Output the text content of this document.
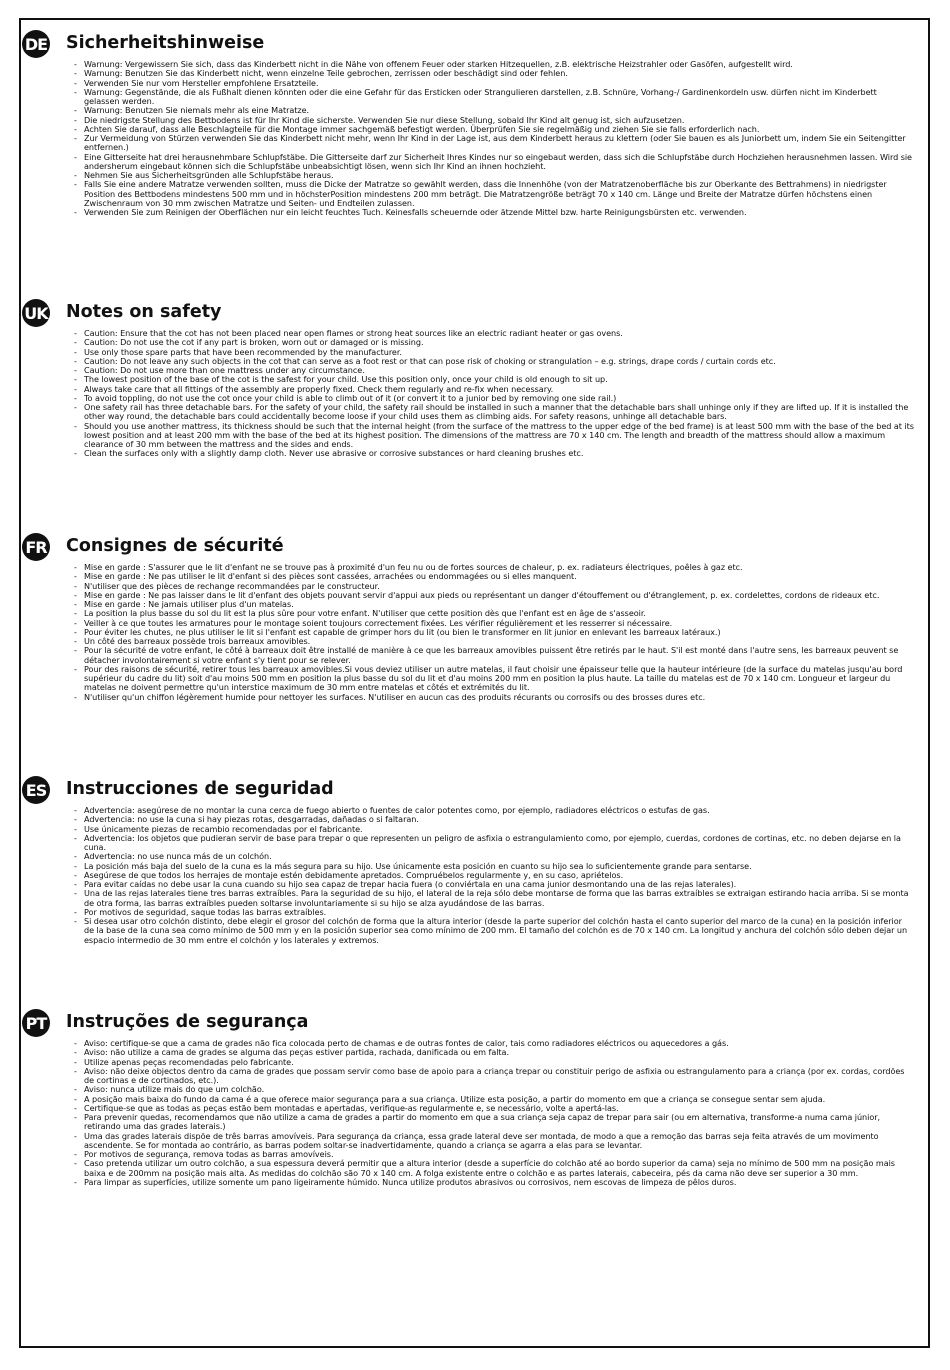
DE Sicherheitshinweise
- Warnung: Vergewissern Sie sich, dass das Kinderbett nicht in die Nähe von offenem Feuer oder starken Hitzequellen, z.B. elektrische Heizstrahler oder Gasöfen, aufgestellt wird.
- Warnung: Benutzen Sie das Kinderbett nicht, wenn einzelne Teile gebrochen, zerrissen oder beschädigt sind oder fehlen.
- Verwenden Sie nur vom Hersteller empfohlene Ersatzteile.
- Warnung: Gegenstände, die als Fußhalt dienen könnten oder die eine Gefahr für das Ersticken oder Strangulieren darstellen, z.B. Schnüre, Vorhang-/ Gardinenkordeln usw. dürfen nicht im Kinderbett gelassen werden.
- Warnung: Benutzen Sie niemals mehr als eine Matratze.
- Die niedrigste Stellung des Bettbodens ist für Ihr Kind die sicherste. Verwenden Sie nur diese Stellung, sobald Ihr Kind alt genug ist, sich aufzusetzen.
- Achten Sie darauf, dass alle Beschlagteile für die Montage immer sachgemäß befestigt werden. Überprüfen Sie sie regelmäßig und ziehen Sie sie falls erforderlich nach.
- Zur Vermeidung von Stürzen verwenden Sie das Kinderbett nicht mehr, wenn Ihr Kind in der Lage ist, aus dem Kinderbett heraus zu klettern (oder Sie bauen es als Juniorbett um, indem Sie ein Seitengitter entfernen.)
- Eine Gitterseite hat drei herausnehmbare Schlupfstäbe. Die Gitterseite darf zur Sicherheit Ihres Kindes nur so eingebaut werden, dass sich die Schlupfstäbe durch Hochziehen herausnehmen lassen. Wird sie andersherum eingebaut können sich die Schlupfstäbe unbeabsichtigt lösen, wenn sich Ihr Kind an ihnen hochzieht.
- Nehmen Sie aus Sicherheitsgründen alle Schlupfstäbe heraus.
- Falls Sie eine andere Matratze verwenden sollten, muss die Dicke der Matratze so gewählt werden, dass die Innenhöhe (von der Matratzenoberfläche bis zur Oberkante des Bettrahmens) in niedrigster Position des Bettbodens mindestens 500 mm und in höchsterPosition mindestens 200 mm beträgt. Die Matratzengröße beträgt 70 x 140 cm. Länge und Breite der Matratze dürfen höchstens einen Zwischenraum von 30 mm zwischen Matratze und Seiten- und Endteilen zulassen.
- Verwenden Sie zum Reinigen der Oberflächen nur ein leicht feuchtes Tuch. Keinesfalls scheuernde oder ätzende Mittel bzw. harte Reinigungsbürsten etc. verwenden.
UK Notes on safety
- Caution: Ensure that the cot has not been placed near open flames or strong heat sources like an electric radiant heater or gas ovens.
- Caution: Do not use the cot if any part is broken, worn out or damaged or is missing.
- Use only those spare parts that have been recommended by the manufacturer.
- Caution: Do not leave any such objects in the cot that can serve as a foot rest or that can pose risk of choking or strangulation – e.g. strings, drape cords / curtain cords etc.
- Caution: Do not use more than one mattress under any circumstance.
- The lowest position of the base of the cot is the safest for your child. Use this position only, once your child is old enough to sit up.
- Always take care that all fittings of the assembly are properly fixed. Check them regularly and re-fix when necessary.
- To avoid toppling, do not use the cot once your child is able to climb out of it (or convert it to a junior bed by removing one side rail.)
- One safety rail has three detachable bars. For the safety of your child, the safety rail should be installed in such a manner that the detachable bars shall unhinge only if they are lifted up. If it is installed the other way round, the detachable bars could accidentally become loose if your child uses them as climbing aids. For safety reasons, unhinge all detachable bars.
- Should you use another mattress, its thickness should be such that the internal height (from the surface of the mattress to the upper edge of the bed frame) is at least 500 mm with the base of the bed at its lowest position and at least 200 mm with the base of the bed at its highest position. The dimensions of the mattress are 70 x 140 cm. The length and breadth of the mattress should allow a maximum clearance of 30 mm between the mattress and the sides and ends.
- Clean the surfaces only with a slightly damp cloth. Never use abrasive or corrosive substances or hard cleaning brushes etc.
FR Consignes de sécurité
- Mise en garde : S'assurer que le lit d'enfant ne se trouve pas à proximité d'un feu nu ou de fortes sources de chaleur, p. ex. radiateurs électriques, poêles à gaz etc.
- Mise en garde : Ne pas utiliser le lit d'enfant si des pièces sont cassées, arrachées ou endommagées ou si elles manquent.
- N'utiliser que des pièces de rechange recommandées par le constructeur.
- Mise en garde : Ne pas laisser dans le lit d'enfant des objets pouvant servir d'appui aux pieds ou représentant un danger d'étouffement ou d'étranglement, p. ex. cordelettes, cordons de rideaux etc.
- Mise en garde : Ne jamais utiliser plus d'un matelas.
- La position la plus basse du sol du lit est la plus sûre pour votre enfant. N'utiliser que cette position dès que l'enfant est en âge de s'asseoir.
- Veiller à ce que toutes les armatures pour le montage soient toujours correctement fixées. Les vérifier régulièrement et les resserrer si nécessaire.
- Pour éviter les chutes, ne plus utiliser le lit si l'enfant est capable de grimper hors du lit (ou bien le transformer en lit junior en enlevant les barreaux latéraux.)
- Un côté des barreaux possède trois barreaux amovibles.
- Pour la sécurité de votre enfant, le côté à barreaux doit être installé de manière à ce que les barreaux amovibles puissent être retirés par le haut. S'il est monté dans l'autre sens, les barreaux peuvent se détacher involontairement si votre enfant s'y tient pour se relever.
- Pour des raisons de sécurité, retirer tous les barreaux amovibles.Si vous deviez utiliser un autre matelas, il faut choisir une épaisseur telle que la hauteur intérieure (de la surface du matelas jusqu'au bord supérieur du cadre du lit) soit d'au moins 500 mm en position la plus basse du sol du lit et d'au moins 200 mm en position la plus haute. La taille du matelas est de 70 x 140 cm. Longueur et largeur du matelas ne doivent permettre qu'un interstice maximum de 30 mm entre matelas et côtés et extrémités du lit.
- N'utiliser qu'un chiffon légèrement humide pour nettoyer les surfaces. N'utiliser en aucun cas des produits récurants ou corrosifs ou des brosses dures etc.
ES Instrucciones de seguridad
- Advertencia: asegúrese de no montar la cuna cerca de fuego abierto o fuentes de calor potentes como, por ejemplo, radiadores eléctricos o estufas de gas.
- Advertencia: no use la cuna si hay piezas rotas, desgarradas, dañadas o si faltaran.
- Use únicamente piezas de recambio recomendadas por el fabricante.
- Advertencia: los objetos que pudieran servir de base para trepar o que representen un peligro de asfixia o estrangulamiento como, por ejemplo, cuerdas, cordones de cortinas, etc. no deben dejarse en la cuna.
- Advertencia: no use nunca más de un colchón.
- La posición más baja del suelo de la cuna es la más segura para su hijo. Use únicamente esta posición en cuanto su hijo sea lo suficientemente grande para sentarse.
- Asegúrese de que todos los herrajes de montaje estén debidamente apretados. Compruébelos regularmente y, en su caso, apriételos.
- Para evitar caídas no debe usar la cuna cuando su hijo sea capaz de trepar hacia fuera (o conviértala en una cama junior desmontando una de las rejas laterales).
- Una de las rejas laterales tiene tres barras extraíbles. Para la seguridad de su hijo, el lateral de la reja sólo debe montarse de forma que las barras extraíbles se extraigan estirando hacia arriba. Si se monta de otra forma, las barras extraíbles pueden soltarse involuntariamente si su hijo se alza ayudándose de las barras.
- Por motivos de seguridad, saque todas las barras extraíbles.
- Si desea usar otro colchón distinto, debe elegir el grosor del colchón de forma que la altura interior (desde la parte superior del colchón hasta el canto superior del marco de la cuna) en la posición inferior de la base de la cuna sea como mínimo de 500 mm y en la posición superior sea como mínimo de 200 mm. El tamaño del colchón es de 70 x 140 cm. La longitud y anchura del colchón sólo deben dejar un espacio intermedio de 30 mm entre el colchón y los laterales y extremos.
PT Instruções de segurança
- Aviso: certifique-se que a cama de grades não fica colocada perto de chamas e de outras fontes de calor, tais como radiadores eléctricos ou aquecedores a gás.
- Aviso: não utilize a cama de grades se alguma das peças estiver partida, rachada, danificada ou em falta.
- Utilize apenas peças recomendadas pelo fabricante.
- Aviso: não deixe objectos dentro da cama de grades que possam servir como base de apoio para a criança trepar ou constituir perigo de asfixia ou estrangulamento para a criança (por ex. cordas, cordões de cortinas e de cortinados, etc.).
- Aviso: nunca utilize mais do que um colchão.
- A posição mais baixa do fundo da cama é a que oferece maior segurança para a sua criança. Utilize esta posição, a partir do momento em que a criança se consegue sentar sem ajuda.
- Certifique-se que as todas as peças estão bem montadas e apertadas, verifique-as regularmente e, se necessário, volte a apertá-las.
- Para prevenir quedas, recomendamos que não utilize a cama de grades a partir do momento em que a sua criança seja capaz de trepar para sair (ou em alternativa, transforme-a numa cama júnior, retirando uma das grades laterais.)
- Uma das grades laterais dispõe de três barras amovíveis. Para segurança da criança, essa grade lateral deve ser montada, de modo a que a remoção das barras seja feita através de um movimento ascendente. Se for montada ao contrário, as barras podem soltar-se inadvertidamente, quando a criança se agarra a elas para se levantar.
- Por motivos de segurança, remova todas as barras amovíveis.
- Caso pretenda utilizar um outro colchão, a sua espessura deverá permitir que a altura interior (desde a superfície do colchão até ao bordo superior da cama) seja no mínimo de 500 mm na posição mais baixa e de 200mm na posição mais alta. As medidas do colchão são 70 x 140 cm. A folga existente entre o colchão e as partes laterais, cabeceira, pés da cama não deve ser superior a 30 mm.
- Para limpar as superfícies, utilize somente um pano ligeiramente húmido. Nunca utilize produtos abrasivos ou corrosivos, nem escovas de limpeza de pêlos duros.
